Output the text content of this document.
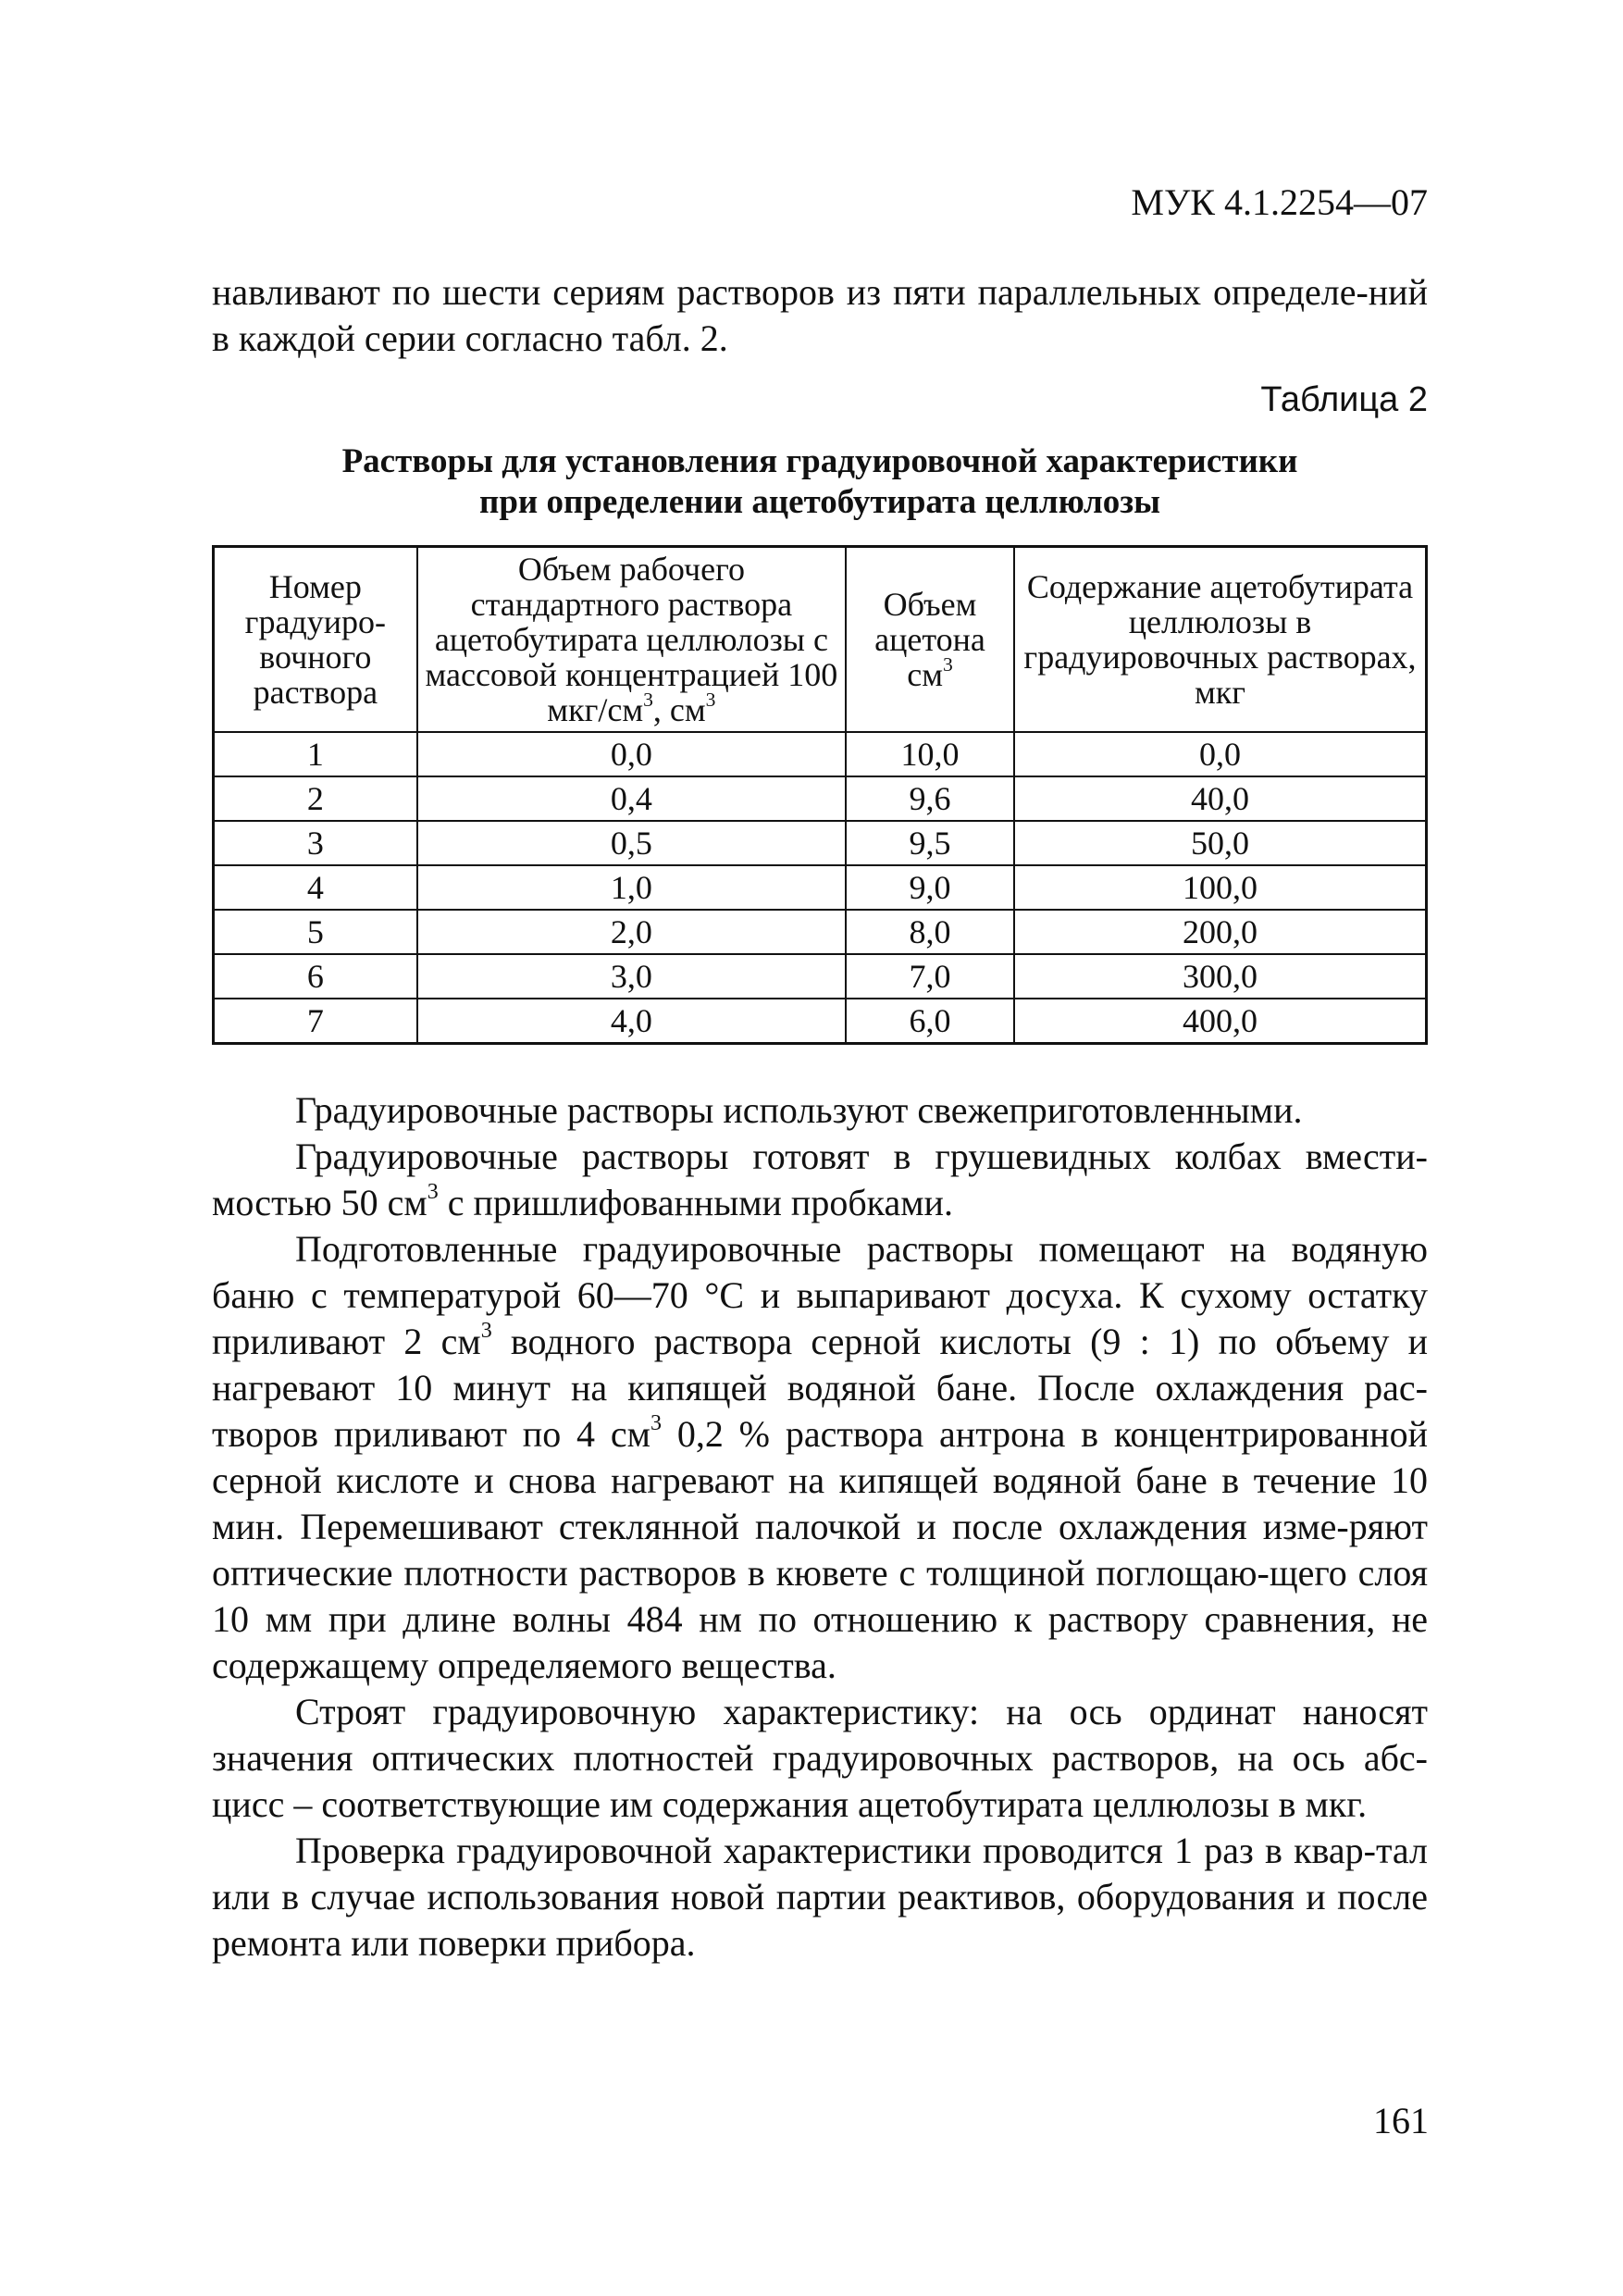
МУК 4.1.2254—07

навливают по шести сериям растворов из пяти параллельных определе-ний в каждой серии согласно табл. 2.

Таблица 2

Растворы для установления градуировочной характеристики
при определении ацетобутирата целлюлозы
Номер градуиро-вочного раствора	Объем рабочего стандартного раствора ацетобутирата целлюлозы с массовой концентрацией 100 мкг/$см^3$, $см^3$	Объем ацетона $см^3$	Содержание ацетобутирата целлюлозы в градуировочных растворах, мкг
1	0,0	10,0	0,0
2	0,4	9,6	40,0
3	0,5	9,5	50,0
4	1,0	9,0	100,0
5	2,0	8,0	200,0
6	3,0	7,0	300,0
7	4,0	6,0	400,0

Градуировочные растворы используют свежеприготовленными.

Градуировочные растворы готовят в грушевидных колбах вмести-мостью 50 $см^3$ с пришлифованными пробками.

Подготовленные градуировочные растворы помещают на водяную баню с температурой 60—70 °С и выпаривают досуха. К сухому остатку приливают 2 $см^3$ водного раствора серной кислоты (9 : 1) по объему и нагревают 10 минут на кипящей водяной бане. После охлаждения рас-творов приливают по 4 $см^3$ 0,2 % раствора антрона в концентрированной серной кислоте и снова нагревают на кипящей водяной бане в течение 10 мин. Перемешивают стеклянной палочкой и после охлаждения изме-ряют оптические плотности растворов в кювете с толщиной поглощаю-щего слоя 10 мм при длине волны 484 нм по отношению к раствору сравнения, не содержащему определяемого вещества.

Строят градуировочную характеристику: на ось ординат наносят значения оптических плотностей градуировочных растворов, на ось абс-цисс – соответствующие им содержания ацетобутирата целлюлозы в мкг.

Проверка градуировочной характеристики проводится 1 раз в квар-тал или в случае использования новой партии реактивов, оборудования и после ремонта или поверки прибора.

161
